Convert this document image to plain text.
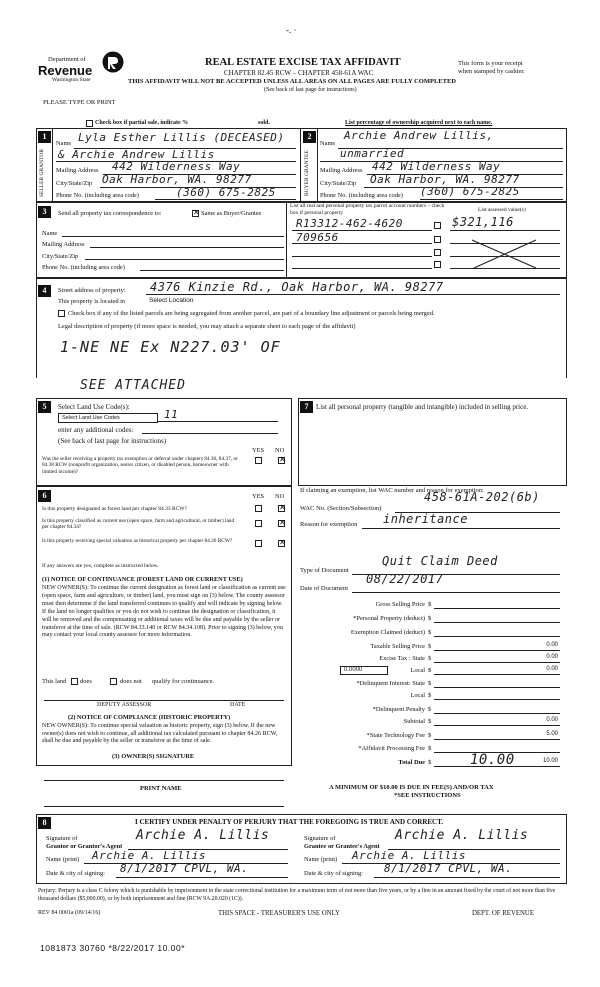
-. ·
Department of
Revenue
Washington State
REAL ESTATE EXCISE TAX AFFIDAVIT
CHAPTER 82.45 RCW – CHAPTER 458-61A WAC
THIS AFFIDAVIT WILL NOT BE ACCEPTED UNLESS ALL AREAS ON ALL PAGES ARE FULLY COMPLETED
(See back of last page for instructions)
PLEASE TYPE OR PRINT
This form is your receipt
when stamped by cashier.
Check box if partial sale, indicate %	sold.	List percentage of ownership acquired next to each name.
1
SELLER GRANTOR
Name Lyla Esther Lillis (DECEASED)
& Archie Andrew Lillis
Mailing Address 442 Wilderness Way
City/State/Zip Oak Harbor, WA. 98277
Phone No. (including area code)	(360) 675-2825
2
BUYER GRANTEE
Name
Archie Andrew Lillis,
unmarried
Mailing Address 442 Wilderness Way
City/State/Zip Oak Harbor, WA. 98277
Phone No. (including area code) (360) 675-2825
3	Send all property tax correspondence to:
✕	Same as Buyer/Grantee
Name
Mailing Address
City/State/Zip
Phone No. (including area code)
List all real and personal property tax parcel account numbers – check box if personal property	List assessed value(s)
R13312-462-4620
709656
$321,116
4	Street address of property: 4376 Kinzie Rd., Oak Harbor, WA. 98277
This property is located in	Select Location
Check box if any of the listed parcels are being segregated from another parcel, are part of a boundary line adjustment or parcels being merged.
Legal description of property (if more space is needed, you may attach a separate sheet to each page of the affidavit)
1-NE NE Ex N227.03' OF
SEE ATTACHED
5	Select Land Use Code(s):
Select Land Use Codes	11
enter any additional codes:
(See back of last page for instructions)
YES NO
Was the seller receiving a property tax exemption or deferral under chapters 84.36, 84.37, or 84.38 RCW (nonprofit organization, senior citizen, or disabled person, homeowner with limited income)?
✕
7	List all personal property (tangible and intangible) included in selling price.
6	YES NO
Is this property designated as forest land per chapter 84.33 RCW?
✕
Is this property classified as current use (open space, farm and agricultural, or timber) land per chapter 84.34?
✕
Is this property receiving special valuation as historical property per chapter 84.26 RCW?
✕
If any answers are yes, complete as instructed below.
(1) NOTICE OF CONTINUANCE (FOREST LAND OR CURRENT USE)
NEW OWNER(S): To continue the current designation as forest land or classification as current use (open space, farm and agriculture, or timber) land, you must sign on (3) below. The county assessor must then determine if the land transferred continues to qualify and will indicate by signing below. If the land no longer qualifies or you do not wish to continue the designation or classification, it will be removed and the compensating or additional taxes will be due and payable by the seller or transferor at the time of sale. (RCW 84.33.140 or RCW 84.34.108). Prior to signing (3) below, you may contact your local county assessor for more information.
This land does	does not qualify for continuance.
DEPUTY ASSESSOR	DATE
(2) NOTICE OF COMPLIANCE (HISTORIC PROPERTY)
NEW OWNER(S): To continue special valuation as historic property, sign (3) below. If the new owner(s) does not wish to continue, all additional tax calculated pursuant to chapter 84.26 RCW, shall be due and payable by the seller or transferor at the time of sale.
(3) OWNER(S) SIGNATURE
PRINT NAME
If claiming an exemption, list WAC number and reason for exemption:
WAC No. (Section/Subsection)
458-61A-202(6b)
Reason for exemption inheritance
Type of Document
Quit Claim Deed
Date of Document
08/22/2017
Gross Selling Price $
*Personal Property (deduct) $
Exemption Claimed (deduct) $
Taxable Selling Price $	0.00
Excise Tax : State $	0.00
0.0000	Local $	0.00
*Delinquent Interest: State $
Local $
*Delinquent Penalty $
Subtotal $	0.00
*State Technology Fee $	5.00
*Affidavit Processing Fee $
Total Due $	10.00
10.00
A MINIMUM OF $10.00 IS DUE IN FEE(S) AND/OR TAX
*SEE INSTRUCTIONS
8	I CERTIFY UNDER PENALTY OF PERJURY THAT THE FOREGOING IS TRUE AND CORRECT.
Signature of
Grantor or Grantor's Agent
Archie A. Lillis
Name (print) Archie A. Lillis
Date & city of signing: 8/1/2017 CPVL, WA.
Signature of
Grantee or Grantee's Agent
Archie A. Lillis
Name (print) Archie A. Lillis
Date & city of signing: 8/1/2017 CPVL, WA.
Perjury: Perjury is a class C felony which is punishable by imprisonment in the state correctional institution for a maximum term of not more than five years, or by a fine in an amount fixed by the court of not more than five thousand dollars ($5,000.00), or by both imprisonment and fine (RCW 9A.20.020 (1C)).
REV 84 0001a (09/14/16)	THIS SPACE - TREASURER'S USE ONLY	DEPT. OF REVENUE
1081873 30760 *8/22/2017 10.00*
